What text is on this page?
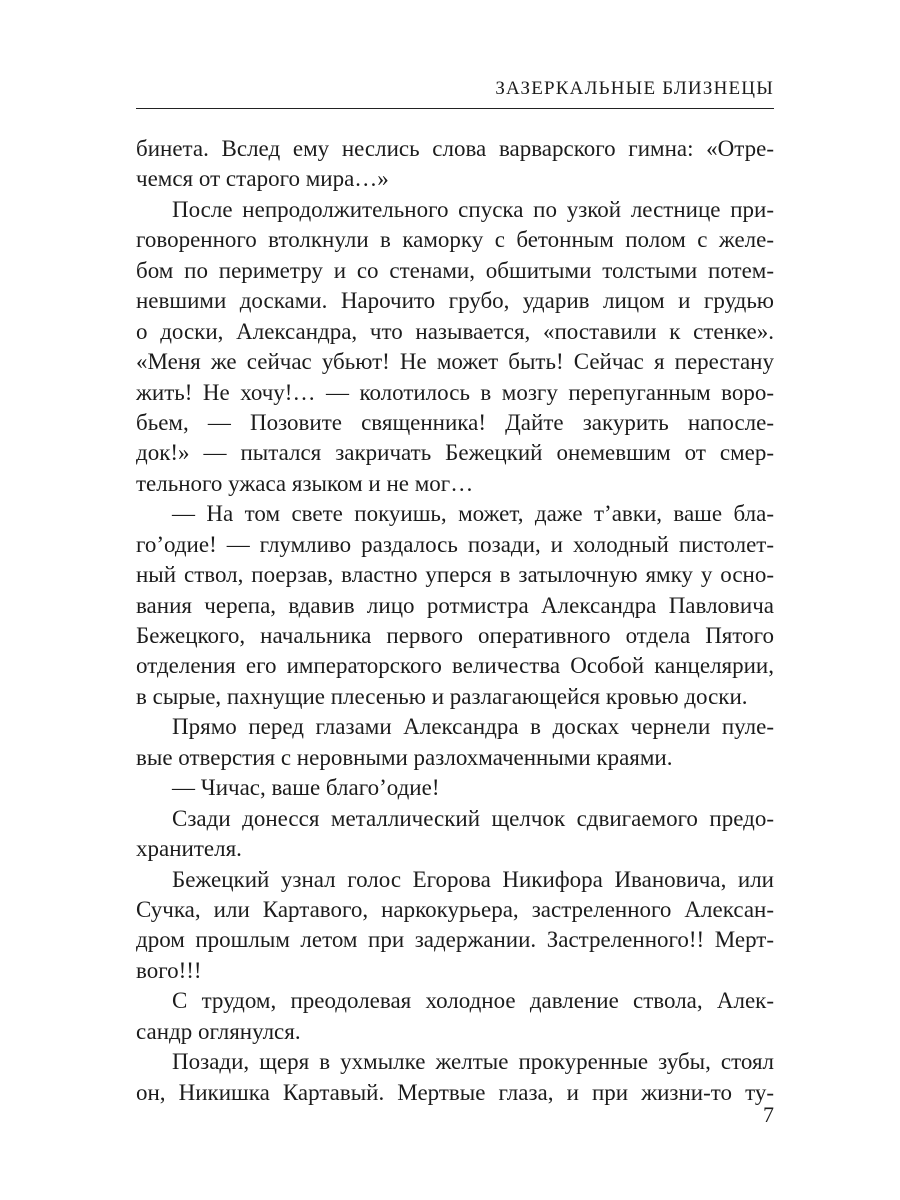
ЗАЗЕРКАЛЬНЫЕ БЛИЗНЕЦЫ
бинета. Вслед ему неслись слова варварского гимна: «Отре-
чемся от старого мира…»
После непродолжительного спуска по узкой лестнице при-
говоренного втолкнули в каморку с бетонным полом с желе-
бом по периметру и со стенами, обшитыми толстыми потем-
невшими досками. Нарочито грубо, ударив лицом и грудью
о доски, Александра, что называется, «поставили к стенке».
«Меня же сейчас убьют! Не может быть! Сейчас я перестану
жить! Не хочу!… — колотилось в мозгу перепуганным воро-
бьем, — Позовите священника! Дайте закурить напосле-
док!» — пытался закричать Бежецкий онемевшим от смер-
тельного ужаса языком и не мог…
— На том свете покуишь, может, даже т’авки, ваше бла-
го’одие! — глумливо раздалось позади, и холодный пистолет-
ный ствол, поерзав, властно уперся в затылочную ямку у осно-
вания черепа, вдавив лицо ротмистра Александра Павловича
Бежецкого, начальника первого оперативного отдела Пятого
отделения его императорского величества Особой канцелярии,
в сырые, пахнущие плесенью и разлагающейся кровью доски.
Прямо перед глазами Александра в досках чернели пуле-
вые отверстия с неровными разлохмаченными краями.
— Чичас, ваше благо’одие!
Сзади донесся металлический щелчок сдвигаемого предо-
хранителя.
Бежецкий узнал голос Егорова Никифора Ивановича, или
Сучка, или Картавого, наркокурьера, застреленного Алексан-
дром прошлым летом при задержании. Застреленного!! Мерт-
вого!!!
С трудом, преодолевая холодное давление ствола, Алек-
сандр оглянулся.
Позади, щеря в ухмылке желтые прокуренные зубы, стоял
он, Никишка Картавый. Мертвые глаза, и при жизни-то ту-
7
